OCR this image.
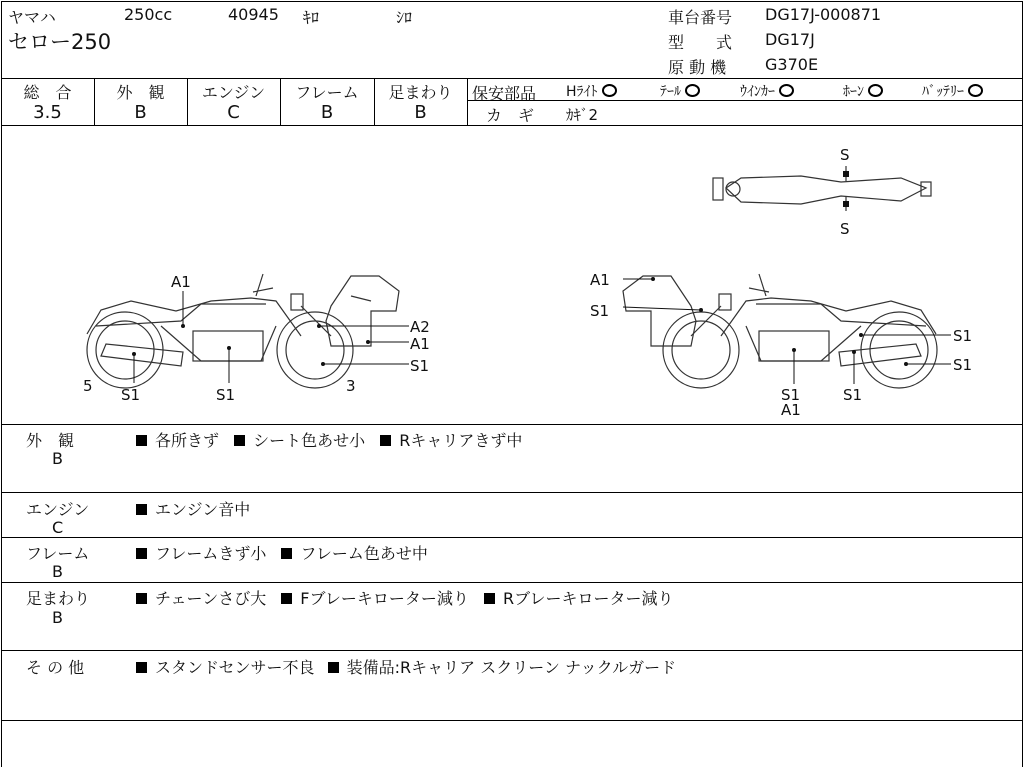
ヤマハ	250cc	40945 ｷﾛ	ｼﾛ
セロー250
車台番号 DG17J-000871
型　　式 DG17J
原 動 機 G370E
総　合
3.5
外　観
B
エンジン
C
フレーム
B
足まわり
B
保安部品 Hﾗｲﾄ	ﾃｰﾙ	ｳｲﾝｶｰ	ﾎｰﾝ	ﾊﾞｯﾃﾘｰ
カ　ギ ｶｷﾞ2
A1
A2
A1
S1
5 S1	S1	3
A1
S1
S1
S1
S1
A1
S1
S
S
外　観
B
各所きず シート色あせ小 Rキャリアきず中
エンジン
C
エンジン音中
フレーム
B
フレームきず小 フレーム色あせ中
足まわり
B
チェーンさび大 Fブレーキローター減り Rブレーキローター減り
そ の 他	スタンドセンサー不良 装備品:Rキャリア スクリーン ナックルガード
